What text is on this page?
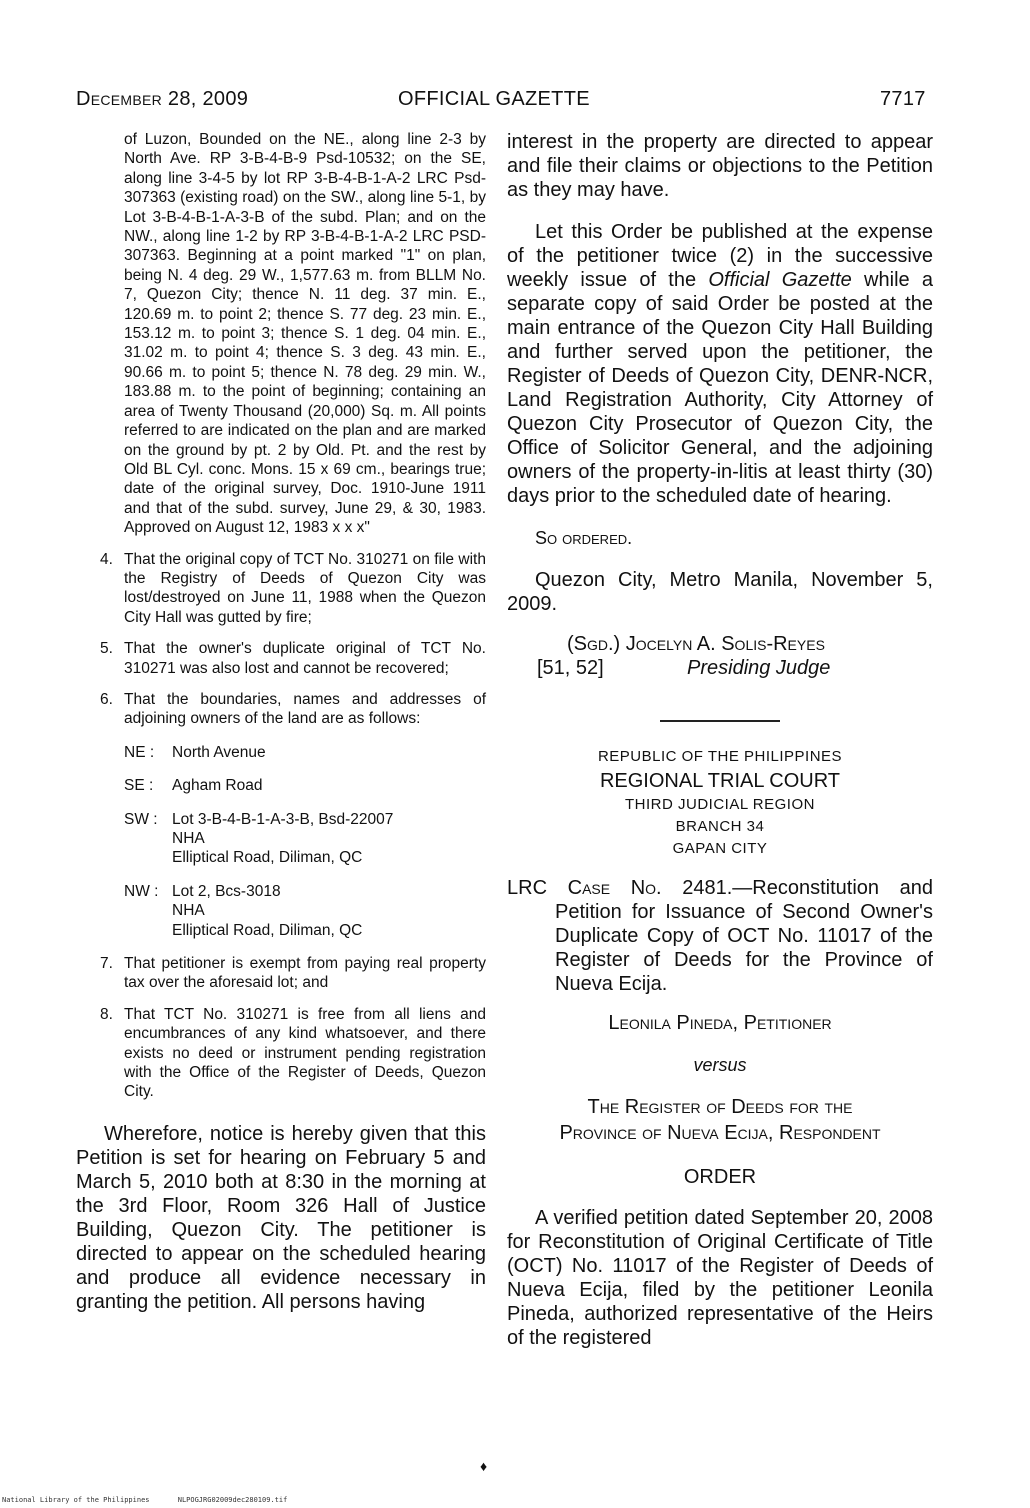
December 28, 2009	OFFICIAL GAZETTE	7717
of Luzon, Bounded on the NE., along line 2-3 by North Ave. RP 3-B-4-B-9 Psd-10532; on the SE, along line 3-4-5 by lot RP 3-B-4-B-1-A-2 LRC Psd-307363 (existing road) on the SW., along line 5-1, by Lot 3-B-4-B-1-A-3-B of the subd. Plan; and on the NW., along line 1-2 by RP 3-B-4-B-1-A-2 LRC PSD-307363. Beginning at a point marked "1" on plan, being N. 4 deg. 29 W., 1,577.63 m. from BLLM No. 7, Quezon City; thence N. 11 deg. 37 min. E., 120.69 m. to point 2; thence S. 77 deg. 23 min. E., 153.12 m. to point 3; thence S. 1 deg. 04 min. E., 31.02 m. to point 4; thence S. 3 deg. 43 min. E., 90.66 m. to point 5; thence N. 78 deg. 29 min. W., 183.88 m. to the point of beginning; containing an area of Twenty Thousand (20,000) Sq. m. All points referred to are indicated on the plan and are marked on the ground by pt. 2 by Old. Pt. and the rest by Old BL Cyl. conc. Mons. 15 x 69 cm., bearings true; date of the original survey, Doc. 1910-June 1911 and that of the subd. survey, June 29, & 30, 1983. Approved on August 12, 1983 x x x"
4. That the original copy of TCT No. 310271 on file with the Registry of Deeds of Quezon City was lost/destroyed on June 11, 1988 when the Quezon City Hall was gutted by fire;
5. That the owner's duplicate original of TCT No. 310271 was also lost and cannot be recovered;
6. That the boundaries, names and addresses of adjoining owners of the land are as follows:
NE :	North Avenue
SE :	Agham Road
SW : Lot 3-B-4-B-1-A-3-B, Bsd-22007
NHA
Elliptical Road, Diliman, QC
NW : Lot 2, Bcs-3018
NHA
Elliptical Road, Diliman, QC
7. That petitioner is exempt from paying real property tax over the aforesaid lot; and
8. That TCT No. 310271 is free from all liens and encumbrances of any kind whatsoever, and there exists no deed or instrument pending registration with the Office of the Register of Deeds, Quezon City.
Wherefore, notice is hereby given that this Petition is set for hearing on February 5 and March 5, 2010 both at 8:30 in the morning at the 3rd Floor, Room 326 Hall of Justice Building, Quezon City. The petitioner is directed to appear on the scheduled hearing and produce all evidence necessary in granting the petition. All persons having
interest in the property are directed to appear and file their claims or objections to the Petition as they may have.
Let this Order be published at the expense of the petitioner twice (2) in the successive weekly issue of the Official Gazette while a separate copy of said Order be posted at the main entrance of the Quezon City Hall Building and further served upon the petitioner, the Register of Deeds of Quezon City, DENR-NCR, Land Registration Authority, City Attorney of Quezon City Prosecutor of Quezon City, the Office of Solicitor General, and the adjoining owners of the property-in-litis at least thirty (30) days prior to the scheduled date of hearing.
So ordered.
Quezon City, Metro Manila, November 5, 2009.
(Sgd.) Jocelyn A. Solis-Reyes
[51, 52]	Presiding Judge
REPUBLIC OF THE PHILIPPINES
REGIONAL TRIAL COURT
THIRD JUDICIAL REGION
BRANCH 34
GAPAN CITY
LRC Case No. 2481.—Reconstitution and Petition for Issuance of Second Owner's Duplicate Copy of OCT No. 11017 of the Register of Deeds for the Province of Nueva Ecija.
Leonila Pineda, Petitioner
versus
The Register of Deeds for the
Province of Nueva Ecija, Respondent
ORDER
A verified petition dated September 20, 2008 for Reconstitution of Original Certificate of Title (OCT) No. 11017 of the Register of Deeds of Nueva Ecija, filed by the petitioner Leonila Pineda, authorized representative of the Heirs of the registered
♦
National Library of the Philippines	NLPOGJRG02009dec280109.tif
